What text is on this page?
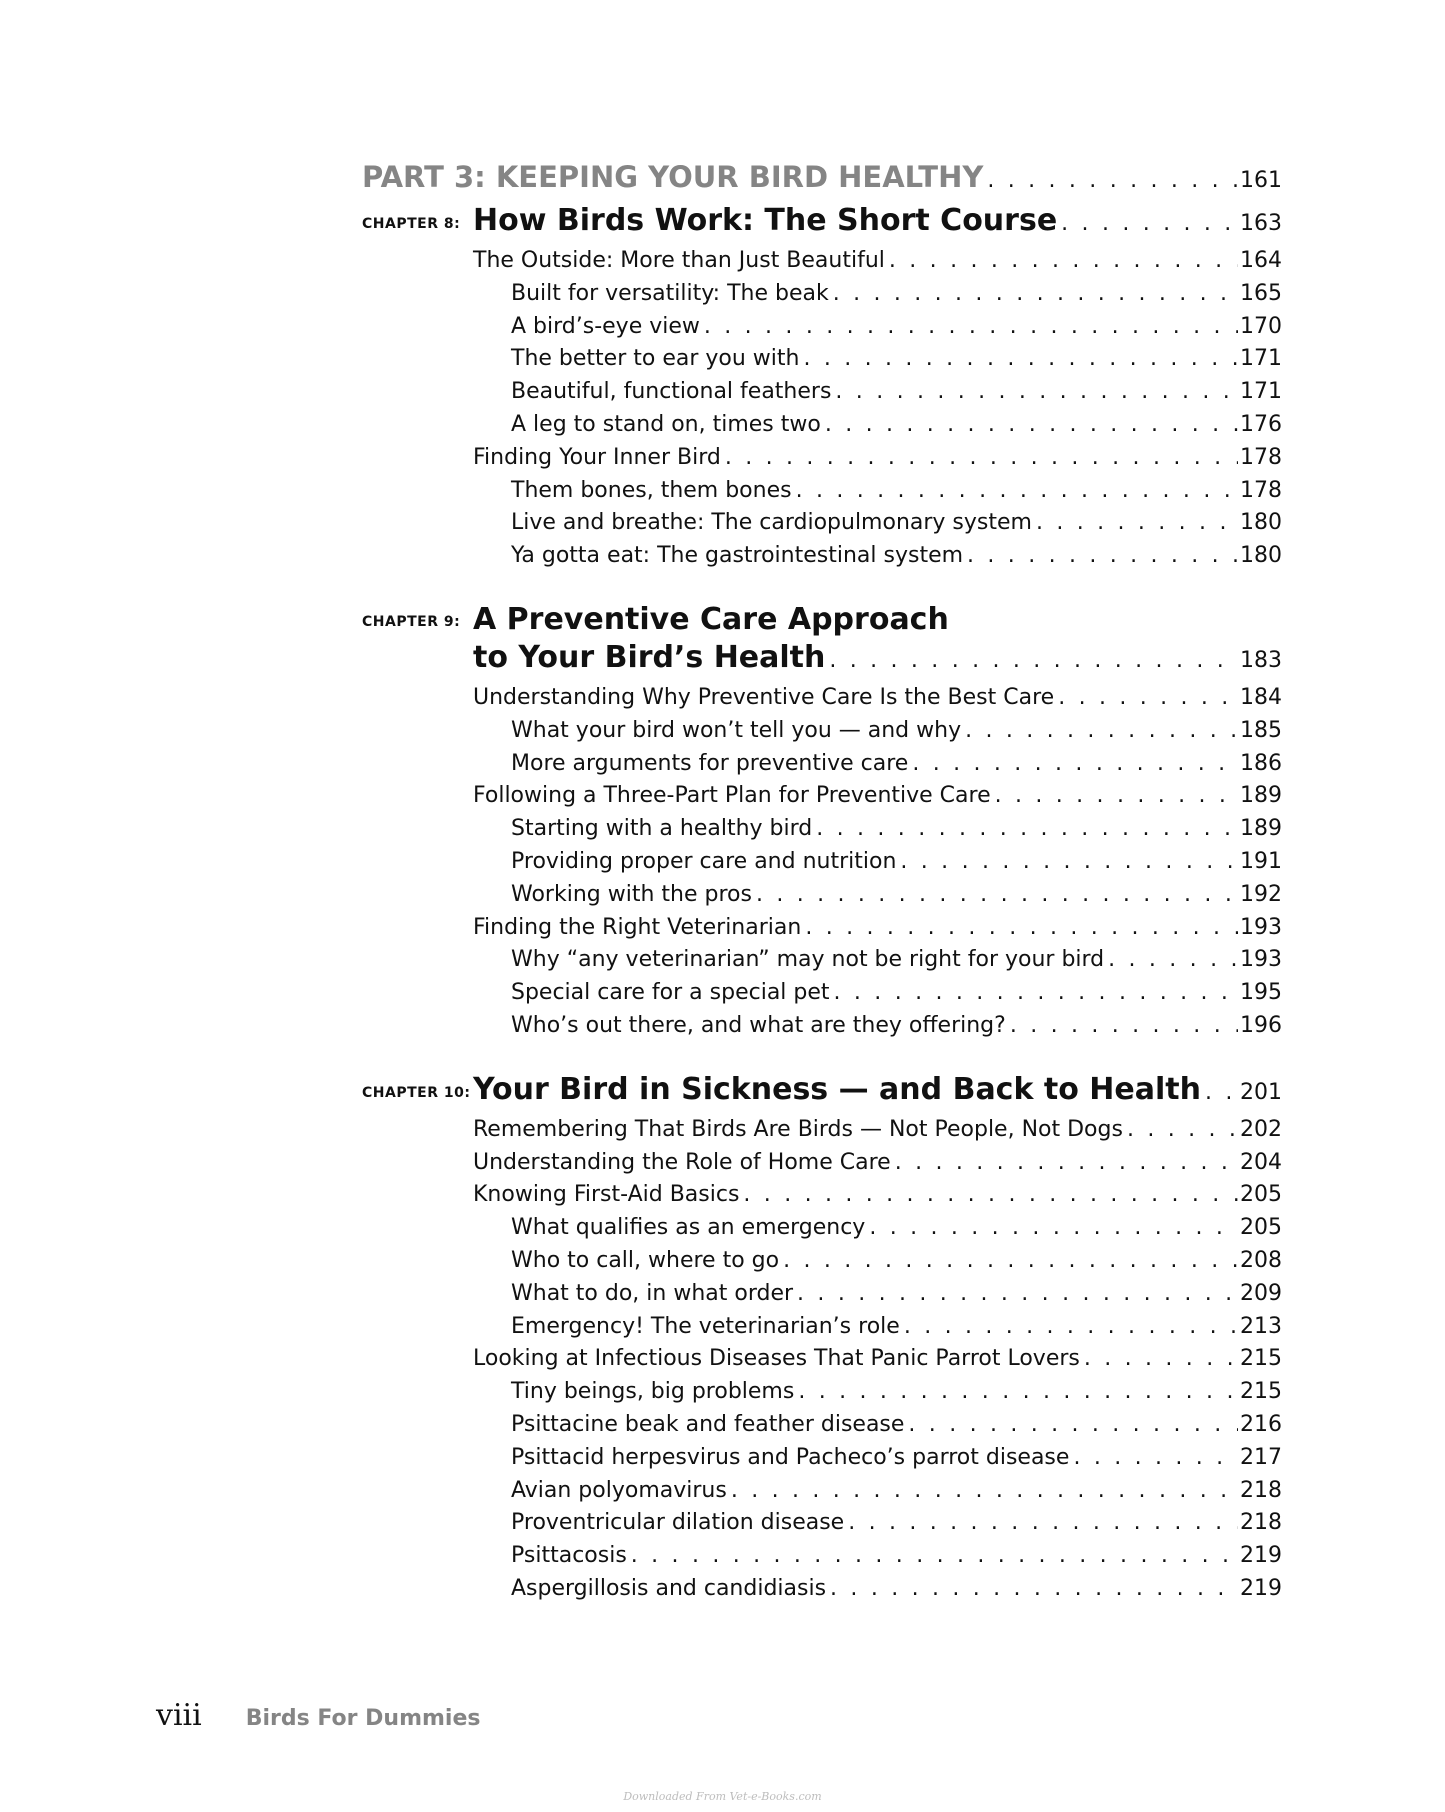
PART 3: KEEPING YOUR BIRD HEALTHY . . .	161
CHAPTER 8: How Birds Work: The Short Course . . .	163
The Outside: More than Just Beautiful . . .	164
Built for versatility: The beak . . .	165
A bird’s-eye view . . .	170
The better to ear you with . . .	171
Beautiful, functional feathers . . .	171
A leg to stand on, times two . . .	176
Finding Your Inner Bird . . .	178
Them bones, them bones . . .	178
Live and breathe: The cardiopulmonary system . . .	180
Ya gotta eat: The gastrointestinal system . . .	180
CHAPTER 9: A Preventive Care Approach
to Your Bird’s Health . . .	183
Understanding Why Preventive Care Is the Best Care . . .	184
What your bird won’t tell you — and why . . .	185
More arguments for preventive care . . .	186
Following a Three-Part Plan for Preventive Care . . .	189
Starting with a healthy bird . . .	189
Providing proper care and nutrition . . .	191
Working with the pros . . .	192
Finding the Right Veterinarian . . .	193
Why “any veterinarian” may not be right for your bird . . .	193
Special care for a special pet . . .	195
Who’s out there, and what are they offering? . . .	196
CHAPTER 10: Your Bird in Sickness — and Back to Health . . . 201
Remembering That Birds Are Birds — Not People, Not Dogs . . .	202
Understanding the Role of Home Care . . .	204
Knowing First-Aid Basics . . .	205
What qualifies as an emergency . . .	205
Who to call, where to go . . .	208
What to do, in what order . . .	209
Emergency! The veterinarian’s role . . .	213
Looking at Infectious Diseases That Panic Parrot Lovers . . .	215
Tiny beings, big problems . . .	215
Psittacine beak and feather disease . . .	216
Psittacid herpesvirus and Pacheco’s parrot disease . . .	217
Avian polyomavirus . . .	218
Proventricular dilation disease . . .	218
Psittacosis . . .	219
Aspergillosis and candidiasis . . .	219
viii Birds For Dummies
Downloaded From Vet-e-Books.com
